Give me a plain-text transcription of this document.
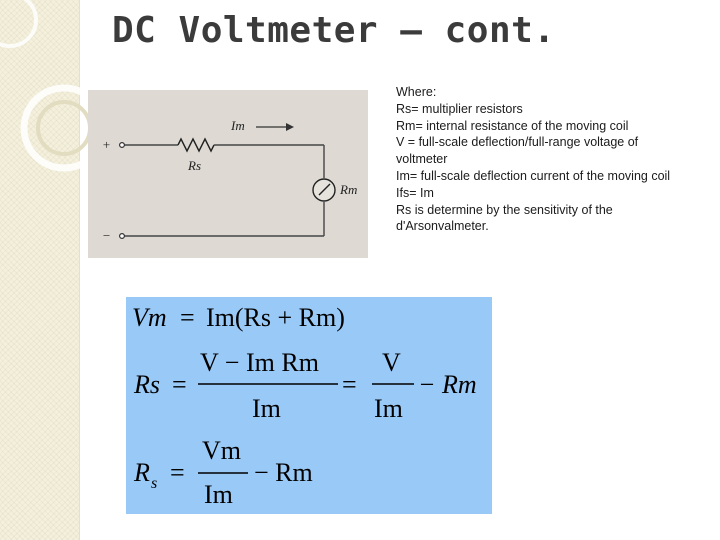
DC Voltmeter – cont.
+
−
Im
Rs
Rm
Where:
Rs= multiplier resistors
Rm= internal resistance of the moving coil
V = full-scale deflection/full-range voltage of voltmeter
Im= full-scale deflection current of the moving coil
Ifs= Im
Rs is determine by the sensitivity of the d'Arsonvalmeter.
Vm = Im(Rs + Rm)
Rs =
V − Im Rm
Im
=
V
Im
− Rm
R s =
Vm
Im
− Rm
